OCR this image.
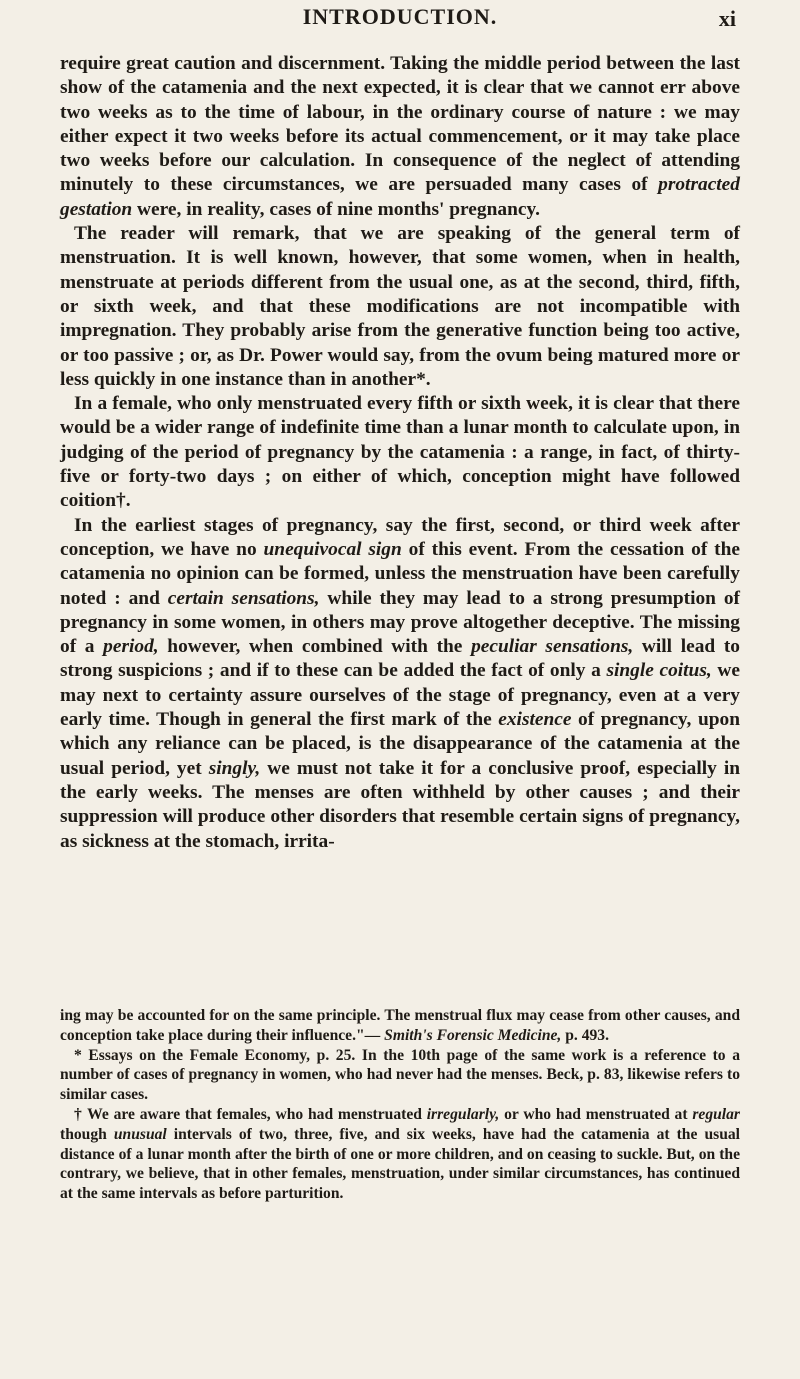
INTRODUCTION.	xi

require great caution and discernment. Taking the middle period between the last show of the catamenia and the next expected, it is clear that we cannot err above two weeks as to the time of labour, in the ordinary course of nature : we may either expect it two weeks before its actual commencement, or it may take place two weeks before our calculation. In consequence of the neglect of attending minutely to these circumstances, we are persuaded many cases of protracted gestation were, in reality, cases of nine months' pregnancy.

The reader will remark, that we are speaking of the general term of menstruation. It is well known, however, that some women, when in health, menstruate at periods different from the usual one, as at the second, third, fifth, or sixth week, and that these modifications are not incompatible with impregnation. They probably arise from the generative function being too active, or too passive ; or, as Dr. Power would say, from the ovum being matured more or less quickly in one instance than in another*.

In a female, who only menstruated every fifth or sixth week, it is clear that there would be a wider range of indefinite time than a lunar month to calculate upon, in judging of the period of pregnancy by the catamenia : a range, in fact, of thirty-five or forty-two days ; on either of which, conception might have followed coition†.

In the earliest stages of pregnancy, say the first, second, or third week after conception, we have no unequivocal sign of this event. From the cessation of the catamenia no opinion can be formed, unless the menstruation have been carefully noted : and certain sensations, while they may lead to a strong presumption of pregnancy in some women, in others may prove altogether deceptive. The missing of a period, however, when combined with the peculiar sensations, will lead to strong suspicions ; and if to these can be added the fact of only a single coitus, we may next to certainty assure ourselves of the stage of pregnancy, even at a very early time. Though in general the first mark of the existence of pregnancy, upon which any reliance can be placed, is the disappearance of the catamenia at the usual period, yet singly, we must not take it for a conclusive proof, especially in the early weeks. The menses are often withheld by other causes ; and their suppression will produce other disorders that resemble certain signs of pregnancy, as sickness at the stomach, irrita-

ing may be accounted for on the same principle. The menstrual flux may cease from other causes, and conception take place during their influence."— Smith's Forensic Medicine, p. 493.

* Essays on the Female Economy, p. 25. In the 10th page of the same work is a reference to a number of cases of pregnancy in women, who had never had the menses. Beck, p. 83, likewise refers to similar cases.

† We are aware that females, who had menstruated irregularly, or who had menstruated at regular though unusual intervals of two, three, five, and six weeks, have had the catamenia at the usual distance of a lunar month after the birth of one or more children, and on ceasing to suckle. But, on the contrary, we believe, that in other females, menstruation, under similar circumstances, has continued at the same intervals as before parturition.
